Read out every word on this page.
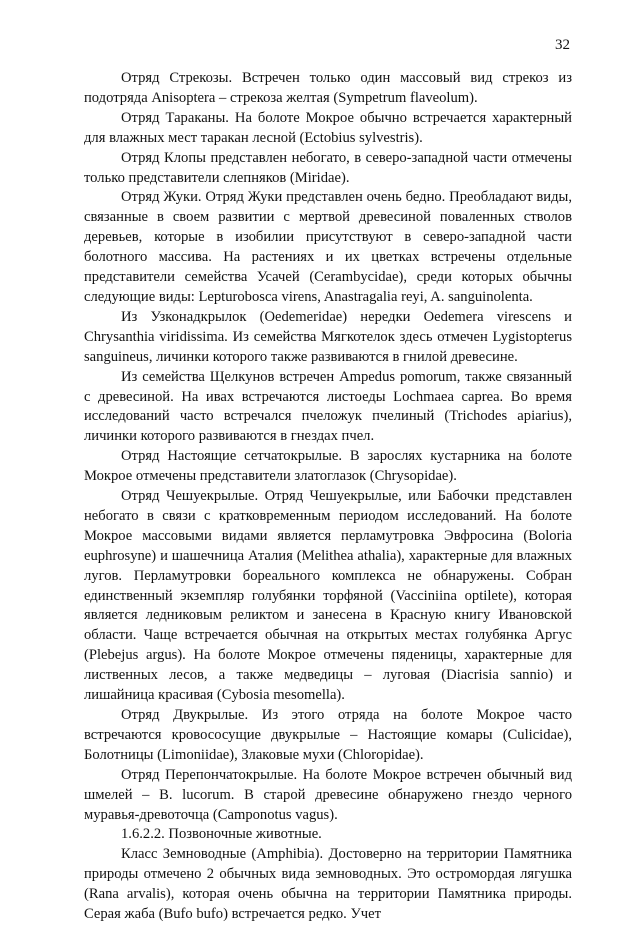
32

Отряд Стрекозы. Встречен только один массовый вид стрекоз из подотряда Anisoptera – стрекоза желтая (Sympetrum flaveolum).

Отряд Тараканы. На болоте Мокрое обычно встречается характерный для влажных мест таракан лесной (Ectobius sylvestris).

Отряд Клопы представлен небогато, в северо-западной части отмечены только представители слепняков (Miridae).

Отряд Жуки. Отряд Жуки представлен очень бедно. Преобладают виды, связанные в своем развитии с мертвой древесиной поваленных стволов деревьев, которые в изобилии присутствуют в северо-западной части болотного массива. На растениях и их цветках встречены отдельные представители семейства Усачей (Cerambycidae), среди которых обычны следующие виды: Lepturobosca virens, Anastragalia reyi, A. sanguinolenta.

Из Узконадкрылок (Oedemeridae) нередки Oedemera virescens и Chrysanthia viridissima. Из семейства Мягкотелок здесь отмечен Lygistopterus sanguineus, личинки которого также развиваются в гнилой древесине.

Из семейства Щелкунов встречен Ampedus pomorum, также связанный с древесиной. На ивах встречаются листоеды Lochmaea caprea. Во время исследований часто встречался пчеложук пчелиный (Trichodes apiarius), личинки которого развиваются в гнездах пчел.

Отряд Настоящие сетчатокрылые. В зарослях кустарника на болоте Мокрое отмечены представители златоглазок (Chrysopidae).

Отряд Чешуекрылые. Отряд Чешуекрылые, или Бабочки представлен небогато в связи с кратковременным периодом исследований. На болоте Мокрое массовыми видами является перламутровка Эвфросина (Boloria euphrosyne) и шашечница Аталия (Melithea athalia), характерные для влажных лугов. Перламутровки бореального комплекса не обнаружены. Собран единственный экземпляр голубянки торфяной (Vacciniina optilete), которая является ледниковым реликтом и занесена в Красную книгу Ивановской области. Чаще встречается обычная на открытых местах голубянка Аргус (Plebejus argus). На болоте Мокрое отмечены пяденицы, характерные для лиственных лесов, а также медведицы – луговая (Diacrisia sannio) и лишайница красивая (Cybosia mesomella).

Отряд Двукрылые. Из этого отряда на болоте Мокрое часто встречаются кровососущие двукрылые – Настоящие комары (Culicidae), Болотницы (Limoniidae), Злаковые мухи (Chloropidae).

Отряд Перепончатокрылые. На болоте Мокрое встречен обычный вид шмелей – B. lucorum. В старой древесине обнаружено гнездо черного муравья-древоточца (Camponotus vagus).

1.6.2.2. Позвоночные животные.

Класс Земноводные (Amphibia). Достоверно на территории Памятника природы отмечено 2 обычных вида земноводных. Это остромордая лягушка (Rana arvalis), которая очень обычна на территории Памятника природы. Серая жаба (Bufo bufo) встречается редко. Учет
